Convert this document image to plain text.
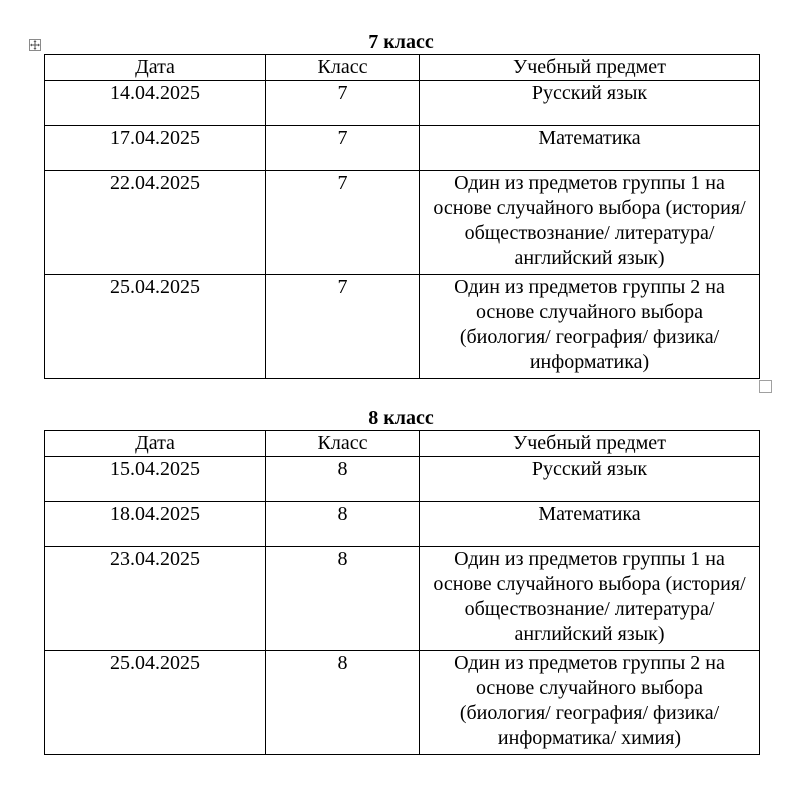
7 класс
Дата	Класс	Учебный предмет
14.04.2025	7	Русский язык

17.04.2025	7	Математика

22.04.2025	7	Один из предметов группы 1 на основе случайного выбора (история/ обществознание/ литература/ английский язык)

25.04.2025	7	Один из предметов группы 2 на основе случайного выбора (биология/ география/ физика/ информатика)
8 класс
Дата	Класс	Учебный предмет
15.04.2025	8	Русский язык

18.04.2025	8	Математика

23.04.2025	8	Один из предметов группы 1 на основе случайного выбора (история/ обществознание/ литература/ английский язык)

25.04.2025	8	Один из предметов группы 2 на основе случайного выбора (биология/ география/ физика/ информатика/ химия)
